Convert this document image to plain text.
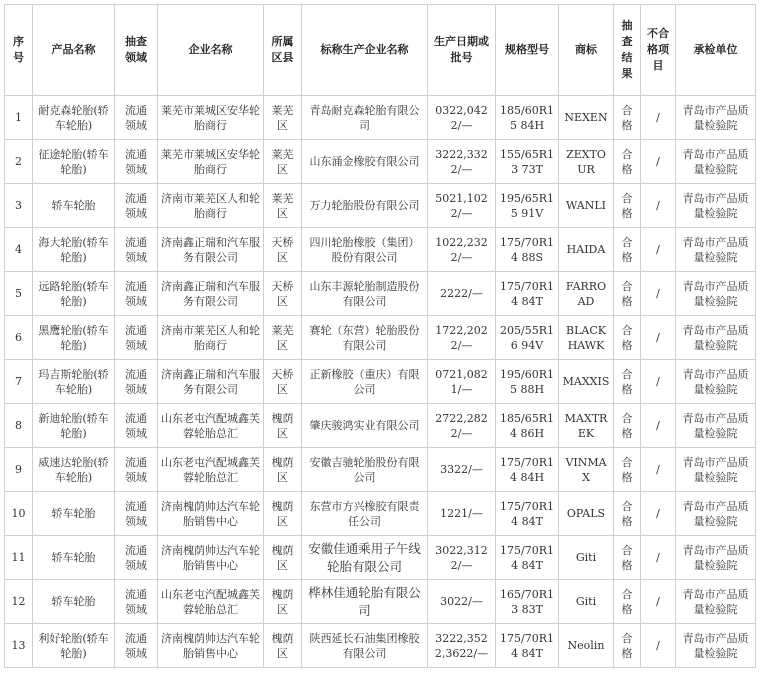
序号	产品名称	抽查领域	企业名称	所属区县	标称生产企业名称	生产日期或批号	规格型号	商标	抽查结果	不合格项目	承检单位
1	耐克森轮胎(轿车轮胎)	流通领域	莱芜市莱城区安华轮胎商行	莱芜区	青岛耐克森轮胎有限公司	0322,0422/—	185/60R15 84H	NEXEN	合格	/	青岛市产品质量检验院
2	征途轮胎(轿车轮胎)	流通领域	莱芜市莱城区安华轮胎商行	莱芜区	山东涌金橡胶有限公司	3222,3322/—	155/65R13 73T	ZEXTOUR	合格	/	青岛市产品质量检验院
3	轿车轮胎	流通领域	济南市莱芜区人和轮胎商行	莱芜区	万力轮胎股份有限公司	5021,1022/—	195/65R15 91V	WANLI	合格	/	青岛市产品质量检验院
4	海大轮胎(轿车轮胎)	流通领域	济南鑫正瑞和汽车服务有限公司	天桥区	四川轮胎橡胶（集团）股份有限公司	1022,2322/—	175/70R14 88S	HAIDA	合格	/	青岛市产品质量检验院
5	远路轮胎(轿车轮胎)	流通领域	济南鑫正瑞和汽车服务有限公司	天桥区	山东丰源轮胎制造股份有限公司	2222/—	175/70R14 84T	FARROAD	合格	/	青岛市产品质量检验院
6	黑鹰轮胎(轿车轮胎)	流通领域	济南市莱芜区人和轮胎商行	莱芜区	赛轮（东营）轮胎股份有限公司	1722,2022/—	205/55R16 94V	BLACK HAWK	合格	/	青岛市产品质量检验院
7	玛吉斯轮胎(轿车轮胎)	流通领域	济南鑫正瑞和汽车服务有限公司	天桥区	正新橡胶（重庆）有限公司	0721,0821/—	195/60R15 88H	MAXXIS	合格	/	青岛市产品质量检验院
8	新迪轮胎(轿车轮胎)	流通领域	山东老屯汽配城鑫芙蓉轮胎总汇	槐荫区	肇庆骏鸿实业有限公司	2722,2822/—	185/65R14 86H	MAXTREK	合格	/	青岛市产品质量检验院
9	威速达轮胎(轿车轮胎)	流通领域	山东老屯汽配城鑫芙蓉轮胎总汇	槐荫区	安徽吉驰轮胎股份有限公司	3322/—	175/70R14 84H	VINMAX	合格	/	青岛市产品质量检验院
10	轿车轮胎	流通领域	济南槐荫帅达汽车轮胎销售中心	槐荫区	东营市方兴橡胶有限责任公司	1221/—	175/70R14 84T	OPALS	合格	/	青岛市产品质量检验院
11	轿车轮胎	流通领域	济南槐荫帅达汽车轮胎销售中心	槐荫区	安徽佳通乘用子午线轮胎有限公司	3022,3122/—	175/70R14 84T	Giti	合格	/	青岛市产品质量检验院
12	轿车轮胎	流通领域	山东老屯汽配城鑫芙蓉轮胎总汇	槐荫区	桦林佳通轮胎有限公司	3022/—	165/70R13 83T	Giti	合格	/	青岛市产品质量检验院
13	利好轮胎(轿车轮胎)	流通领域	济南槐荫帅达汽车轮胎销售中心	槐荫区	陕西延长石油集团橡胶有限公司	3222,3522,3622/—	175/70R14 84T	Neolin	合格	/	青岛市产品质量检验院
